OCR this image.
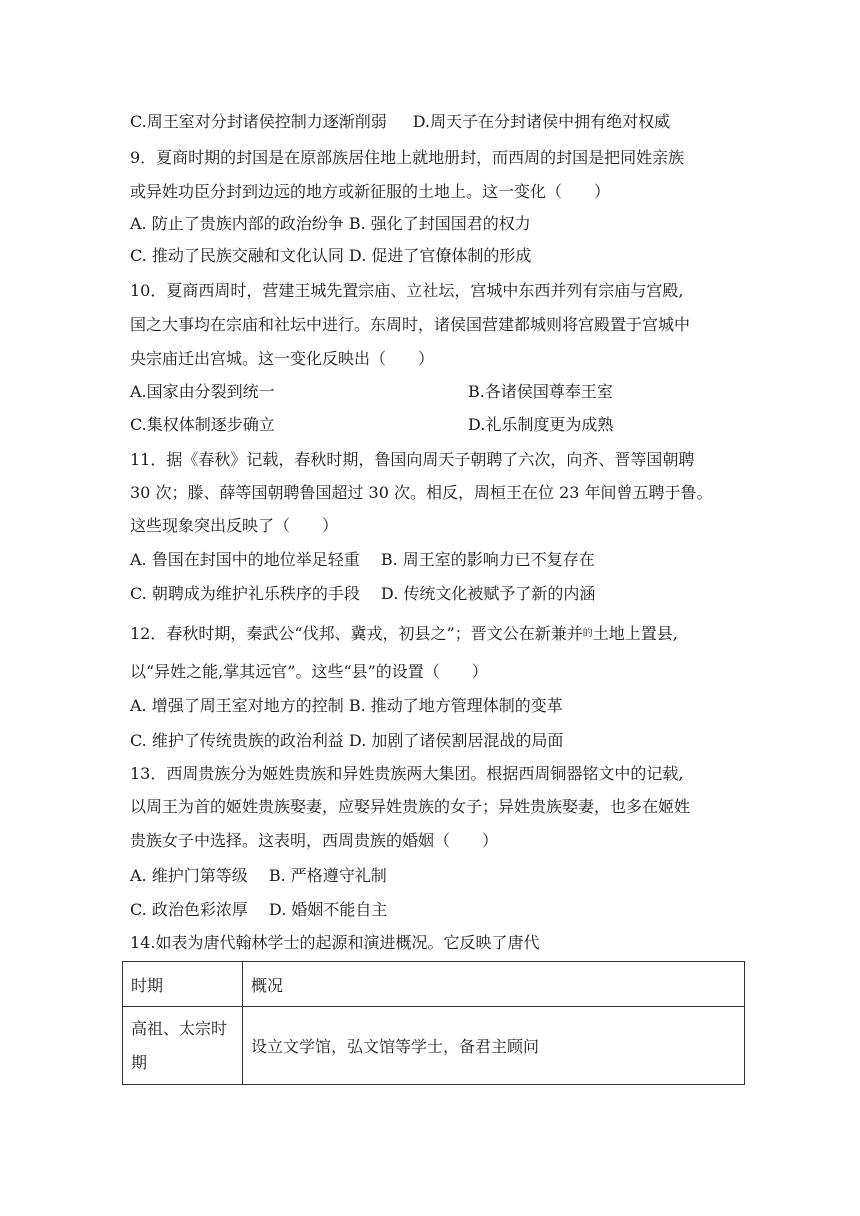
C.周王室对分封诸侯控制力逐渐削弱 D.周天子在分封诸侯中拥有绝对权威
9．夏商时期的封国是在原部族居住地上就地册封，而西周的封国是把同姓亲族
或异姓功臣分封到边远的地方或新征服的土地上。这一变化（　　）
A. 防止了贵族内部的政治纷争 B. 强化了封国国君的权力
C. 推动了民族交融和文化认同 D. 促进了官僚体制的形成
10．夏商西周时，营建王城先置宗庙、立社坛，宫城中东西并列有宗庙与宫殿,
国之大事均在宗庙和社坛中进行。东周时，诸侯国营建都城则将宫殿置于宫城中
央宗庙迁出宫城。这一变化反映出（　　）
A.国家由分裂到统一	B.各诸侯国尊奉王室
C.集权体制逐步确立	D.礼乐制度更为成熟
11．据《春秋》记载，春秋时期，鲁国向周天子朝聘了六次，向齐、晋等国朝聘
30 次；滕、薛等国朝聘鲁国超过 30 次。相反，周桓王在位 23 年间曾五聘于鲁。
这些现象突出反映了（　　）
A. 鲁国在封国中的地位举足轻重　 B. 周王室的影响力已不复存在
C. 朝聘成为维护礼乐秩序的手段　 D. 传统文化被赋予了新的内涵
12．春秋时期，秦武公“伐邦、冀戎，初县之”；晋文公在新兼并$^的$土地上置县,
以“异姓之能,掌其远官”。这些“县”的设置（　　）
A. 增强了周王室对地方的控制 B. 推动了地方管理体制的变革
C. 维护了传统贵族的政治利益 D. 加剧了诸侯割居混战的局面
13．西周贵族分为姬姓贵族和异姓贵族两大集团。根据西周铜器铭文中的记载,
以周王为首的姬姓贵族娶妻，应娶异姓贵族的女子；异姓贵族娶妻，也多在姬姓
贵族女子中选择。这表明，西周贵族的婚姻（　　）
A. 维护门第等级　 B. 严格遵守礼制
C. 政治色彩浓厚　 D. 婚姻不能自主
14.如表为唐代翰林学士的起源和演进概况。它反映了唐代
时期	概况

高祖、太宗时
期	设立文学馆，弘文馆等学士，备君主顾问
